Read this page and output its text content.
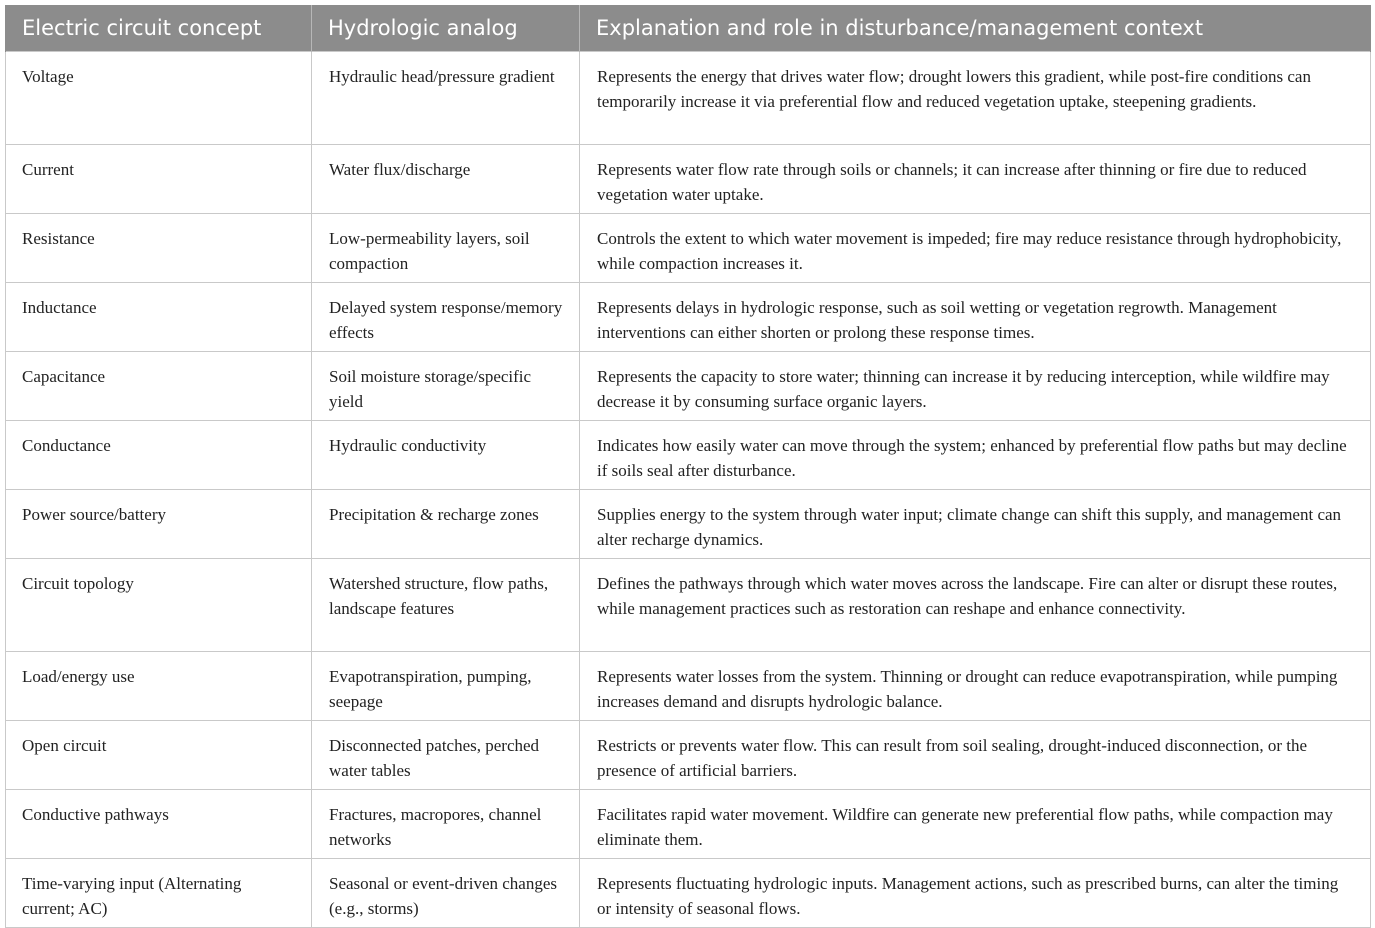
Electric circuit concept	Hydrologic analog	Explanation and role in disturbance/management context
Voltage	Hydraulic head/pressure gradient	Represents the energy that drives water flow; drought lowers this gradient, while post-fire conditions can temporarily increase it via preferential flow and reduced vegetation uptake, steepening gradients.
Current	Water flux/discharge	Represents water flow rate through soils or channels; it can increase after thinning or fire due to reduced vegetation water uptake.
Resistance	Low-permeability layers, soil compaction	Controls the extent to which water movement is impeded; fire may reduce resistance through hydrophobicity, while compaction increases it.
Inductance	Delayed system response/memory effects	Represents delays in hydrologic response, such as soil wetting or vegetation regrowth. Management interventions can either shorten or prolong these response times.
Capacitance	Soil moisture storage/specific yield	Represents the capacity to store water; thinning can increase it by reducing interception, while wildfire may decrease it by consuming surface organic layers.
Conductance	Hydraulic conductivity	Indicates how easily water can move through the system; enhanced by preferential flow paths but may decline if soils seal after disturbance.
Power source/battery	Precipitation & recharge zones	Supplies energy to the system through water input; climate change can shift this supply, and management can alter recharge dynamics.
Circuit topology	Watershed structure, flow paths, landscape features	Defines the pathways through which water moves across the landscape. Fire can alter or disrupt these routes, while management practices such as restoration can reshape and enhance connectivity.
Load/energy use	Evapotranspiration, pumping, seepage	Represents water losses from the system. Thinning or drought can reduce evapotranspiration, while pumping increases demand and disrupts hydrologic balance.
Open circuit	Disconnected patches, perched water tables	Restricts or prevents water flow. This can result from soil sealing, drought-induced disconnection, or the presence of artificial barriers.
Conductive pathways	Fractures, macropores, channel networks	Facilitates rapid water movement. Wildfire can generate new preferential flow paths, while compaction may eliminate them.
Time-varying input (Alternating current; AC)	Seasonal or event-driven changes (e.g., storms)	Represents fluctuating hydrologic inputs. Management actions, such as prescribed burns, can alter the timing or intensity of seasonal flows.
